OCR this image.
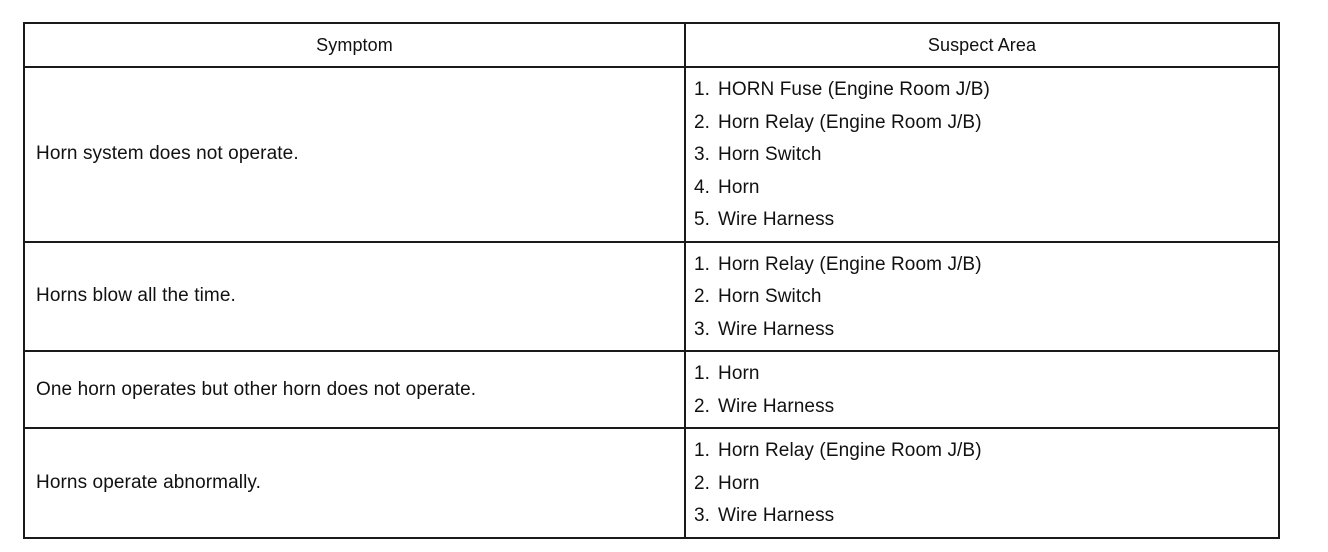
Symptom	Suspect Area
Horn system does not operate.
1. HORN Fuse (Engine Room J/B)
2. Horn Relay (Engine Room J/B)
3. Horn Switch
4. Horn
5. Wire Harness
Horns blow all the time.
1. Horn Relay (Engine Room J/B)
2. Horn Switch
3. Wire Harness
One horn operates but other horn does not operate.
1. Horn
2. Wire Harness
Horns operate abnormally.
1. Horn Relay (Engine Room J/B)
2. Horn
3. Wire Harness
